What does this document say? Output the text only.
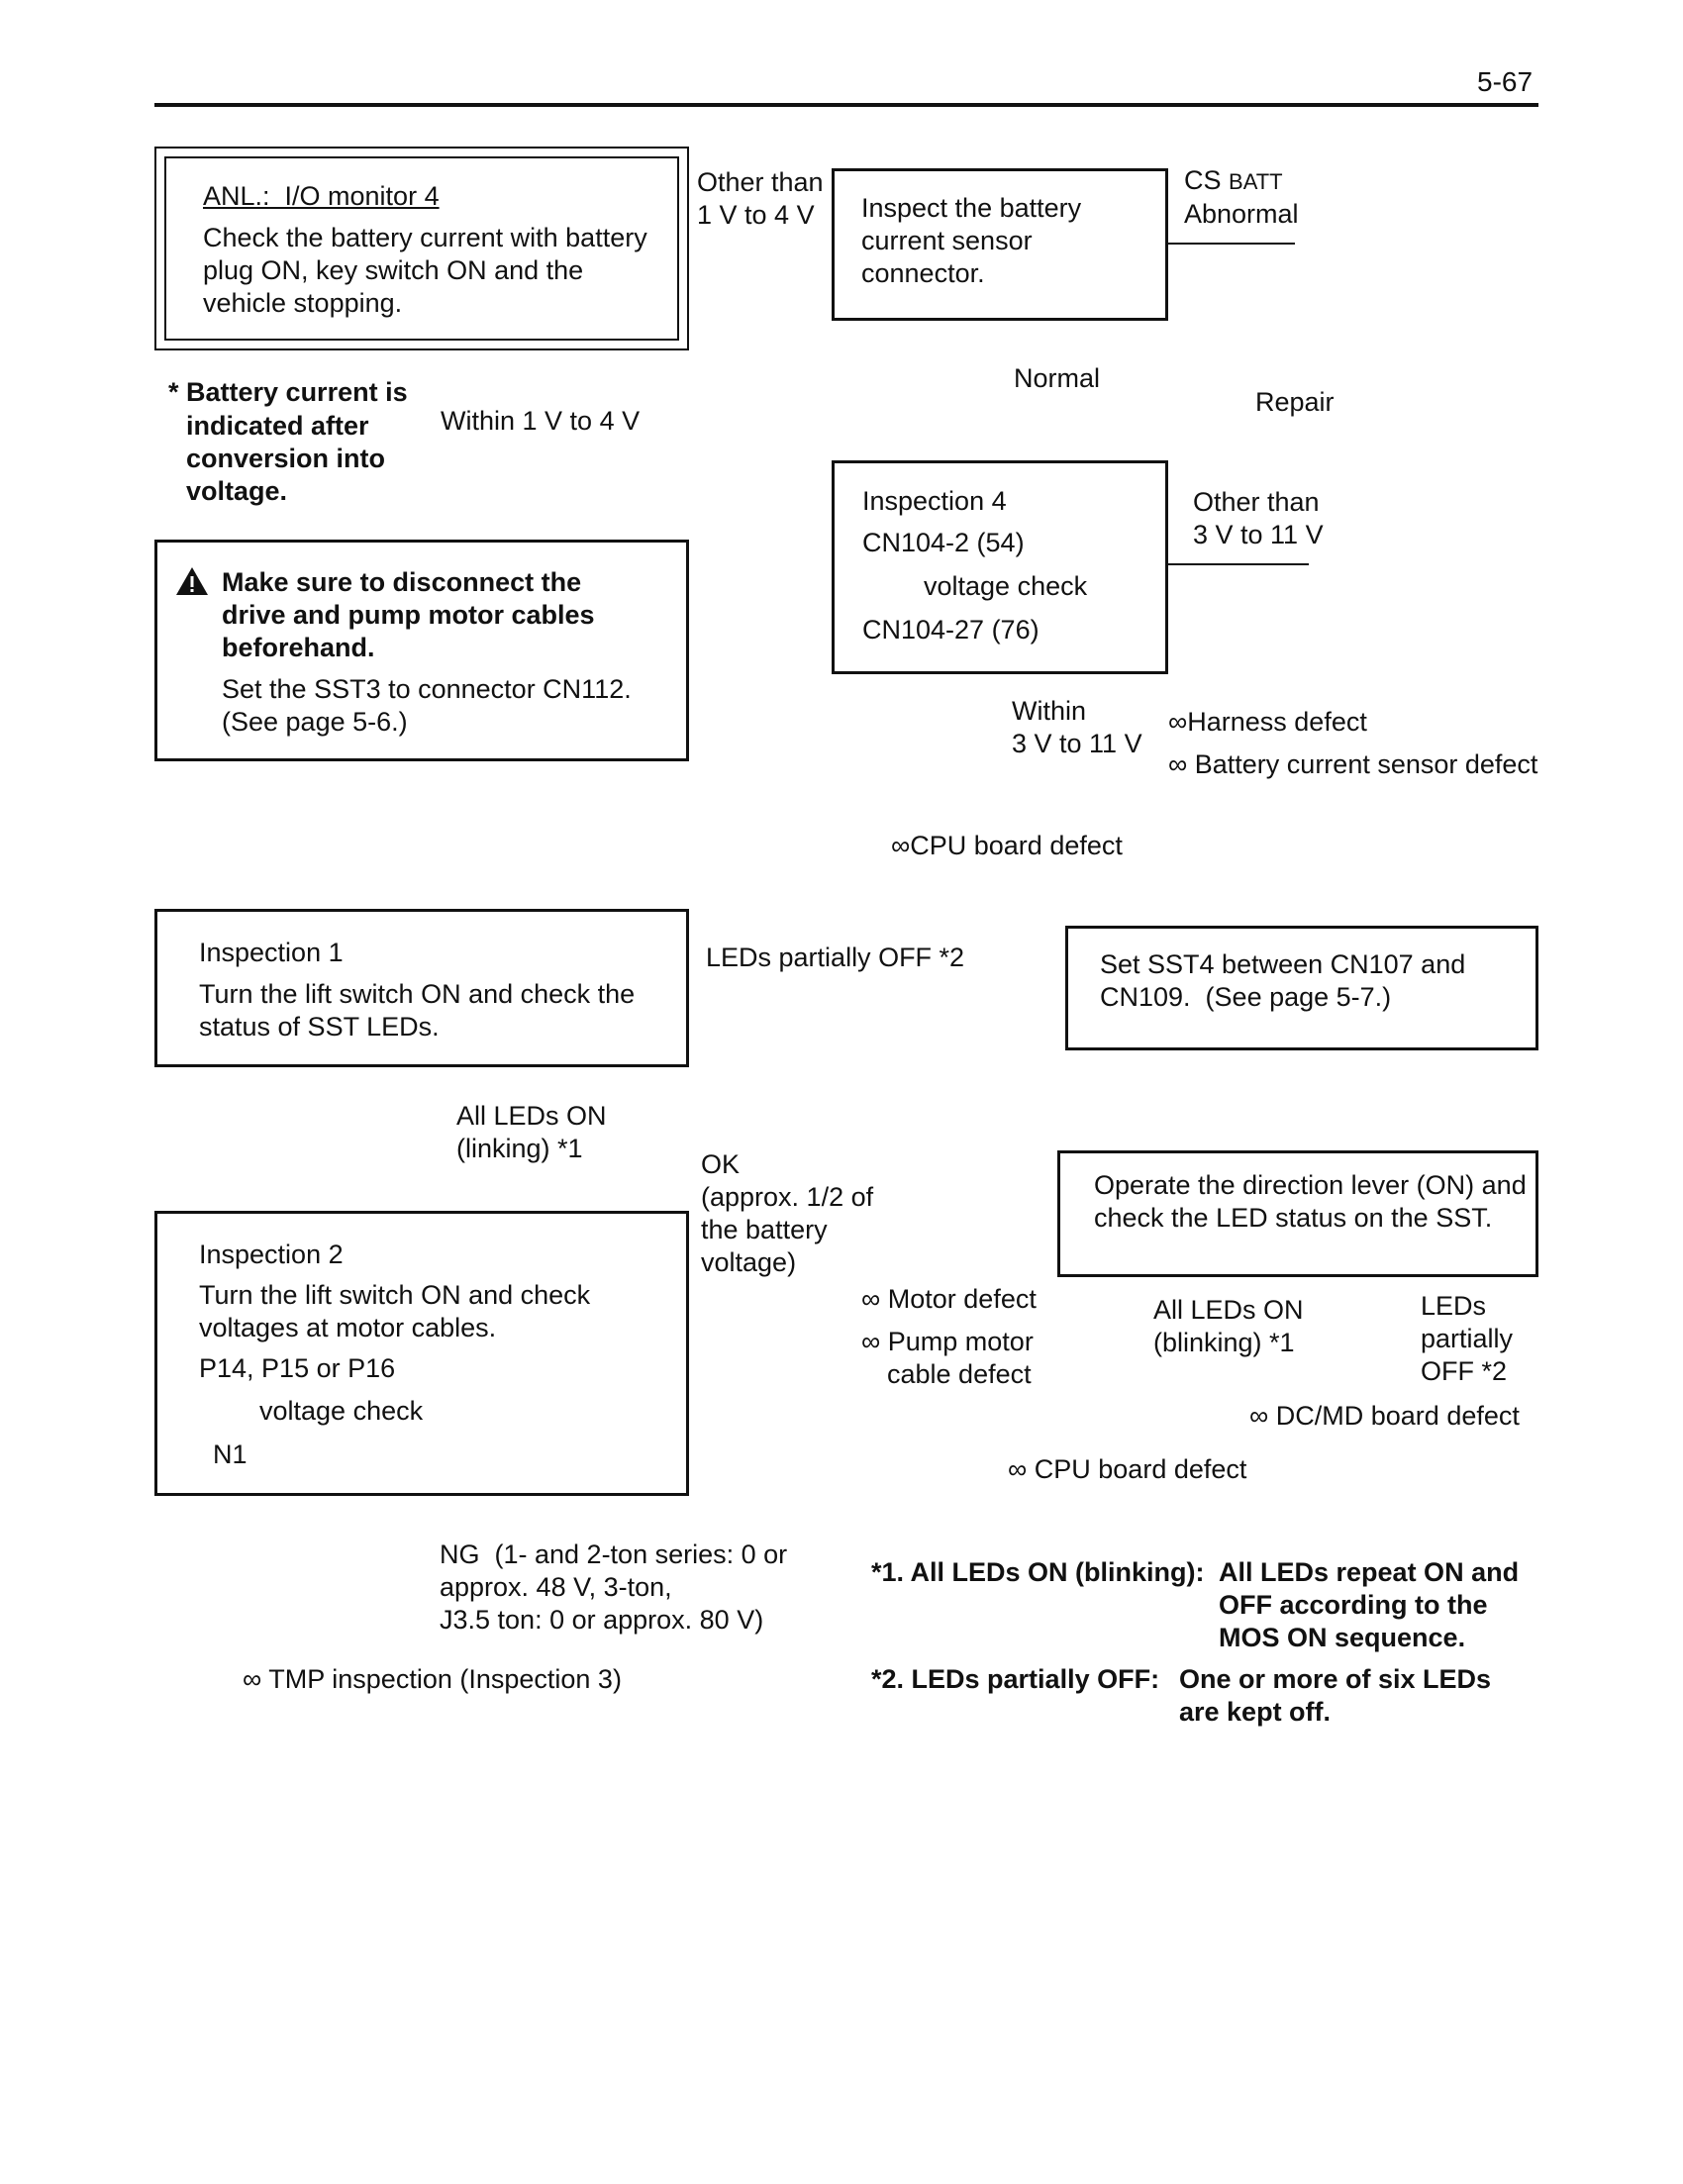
5-67
ANL.:  I/O monitor 4
Check the battery current with battery
plug ON, key switch ON and the
vehicle stopping.
* Battery current is
indicated after
conversion into
voltage.
Within 1 V to 4 V
Other than
1 V to 4 V Inspect the battery
current sensor
connector.
CS BATT
Abnormal
Normal
Repair
Inspection 4
CN104-2 (54)
voltage check
CN104-27 (76)
Other than
3 V to 11 V
Make sure to disconnect the
drive and pump motor cables
beforehand.
Set the SST3 to connector CN112.
(See page 5-6.)	Within
3 V to 11 V
∞Harness defect
∞ Battery current sensor defect
∞CPU board defect
Inspection 1
Turn the lift switch ON and check the
status of SST LEDs.
LEDs partially OFF *2	Set SST4 between CN107 and
CN109.  (See page 5-7.)
All LEDs ON
(linking) *1
OK
(approx. 1/2 of
the battery
voltage)
Operate the direction lever (ON) and
check the LED status on the SST.
Inspection 2
Turn the lift switch ON and check
voltages at motor cables.
P14, P15 or P16
voltage check
N1
∞ Motor defect
∞ Pump motor
cable defect
All LEDs ON
(blinking) *1
LEDs
partially
OFF *2
∞ DC/MD board defect
∞ CPU board defect
NG  (1- and 2-ton series: 0 or
approx. 48 V, 3-ton,
J3.5 ton: 0 or approx. 80 V)
∞ TMP inspection (Inspection 3)
*1. All LEDs ON (blinking): All LEDs repeat ON and
OFF according to the
MOS ON sequence.
*2. LEDs partially OFF: One or more of six LEDs
are kept off.
